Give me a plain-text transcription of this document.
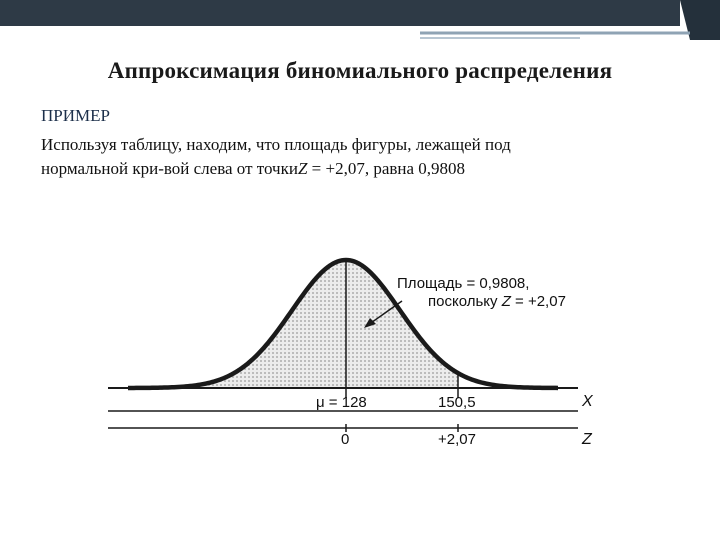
Аппроксимация биномиального распределения
ПРИМЕР
Используя таблицу, находим, что площадь фигуры, лежащей под
нормальной кри-вой слева от точкиZ = +2,07, равна 0,9808
Площадь = 0,9808,
поскольку Z = +2,07
μ = 128	150,5	X
0	+2,07	Z
